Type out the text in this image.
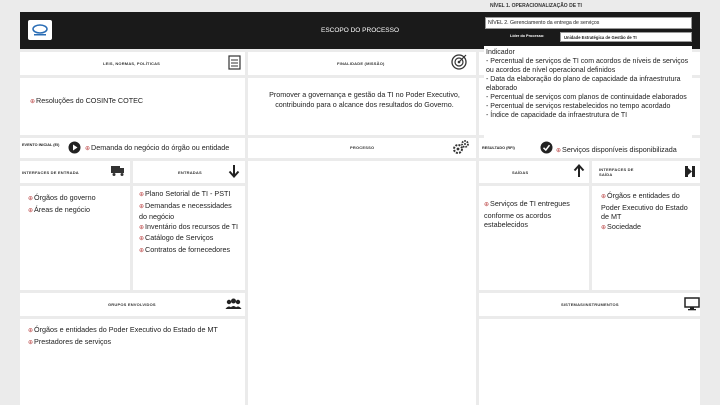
NÍVEL 1. OPERACIONALIZAÇÃO DE TI
ESCOPO DO PROCESSO
NÍVEL 2. Gerenciamento da entrega de serviços
Líder do Processo:	Unidade Estratégica de Gestão de TI
LEIS, NORMAS, POLÍTICAS
⊕ Resoluções do COSINTe COTEC
FINALIDADE (MISSÃO)
Promover a governança e gestão da TI no Poder Executivo, contribuindo para o alcance dos resultados do Governo.
Indicador
- Percentual de serviços de TI com acordos de níveis de serviços ou acordos de nível operacional definidos
- Data da elaboração do plano de capacidade da infraestrutura elaborado
- Percentual de serviços com planos de continuidade elaborados
- Percentual de serviços restabelecidos no tempo acordado
- Índice de capacidade da infraestrutura de TI
EVENTO INICIAL (EI)	⊕ Demanda do negócio do órgão ou entidade	PROCESSO	RESULTADO (RFI)	⊕ Serviços disponíveis disponibilizada
INTERFACES DE ENTRADA
⊕ Órgãos do governo
⊕ Áreas de negócio
ENTRADAS
⊕ Plano Setorial de TI - PSTI
⊕ Demandas e necessidades do negócio
⊕ Inventário dos recursos de TI
⊕ Catálogo de Serviços
⊕ Contratos de fornecedores
SAÍDAS
⊕ Serviços de TI entregues conforme os acordos estabelecidos
INTERFACES DE SAÍDA
⊕ Órgãos e entidades do Poder Executivo do Estado de MT
⊕ Sociedade
GRUPOS ENVOLVIDOS
⊕ Órgãos e entidades do Poder Executivo do Estado de MT
⊕ Prestadores de serviços
SISTEMAS/INSTRUMENTOS
